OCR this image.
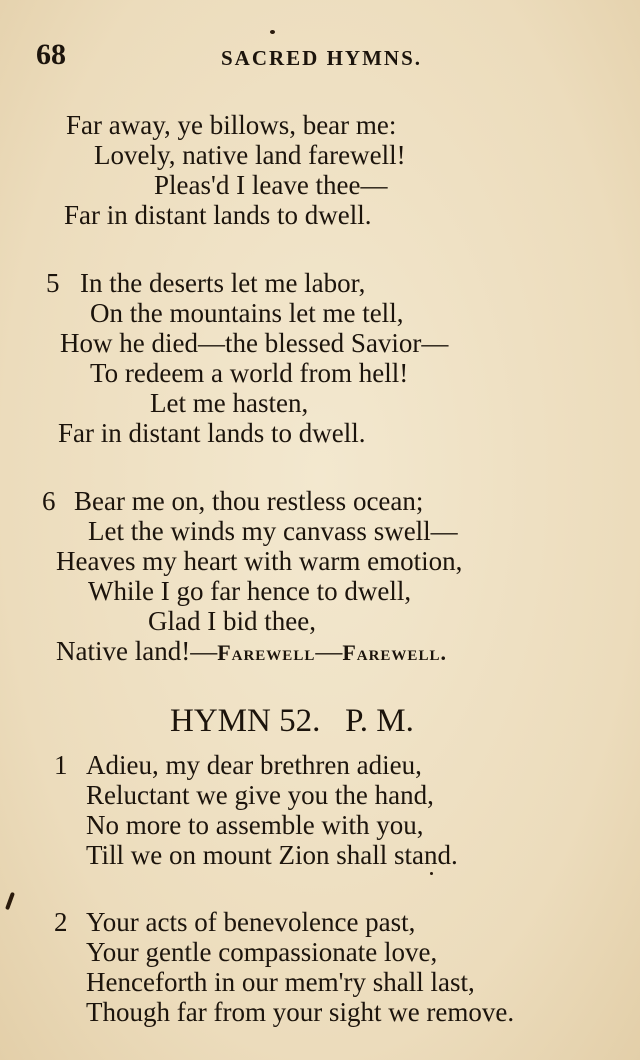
68	SACRED HYMNS.
Far away, ye billows, bear me:
Lovely, native land farewell!
Pleas'd I leave thee—
Far in distant lands to dwell.
5 In the deserts let me labor,
On the mountains let me tell,
How he died—the blessed Savior—
To redeem a world from hell!
Let me hasten,
Far in distant lands to dwell.
6 Bear me on, thou restless ocean;
Let the winds my canvass swell—
Heaves my heart with warm emotion,
While I go far hence to dwell,
Glad I bid thee,
Native land!—Farewell—Farewell.
HYMN 52.   P. M.
1 Adieu, my dear brethren adieu,
Reluctant we give you the hand,
No more to assemble with you,
Till we on mount Zion shall stand.
2 Your acts of benevolence past,
Your gentle compassionate love,
Henceforth in our mem'ry shall last,
Though far from your sight we remove.
